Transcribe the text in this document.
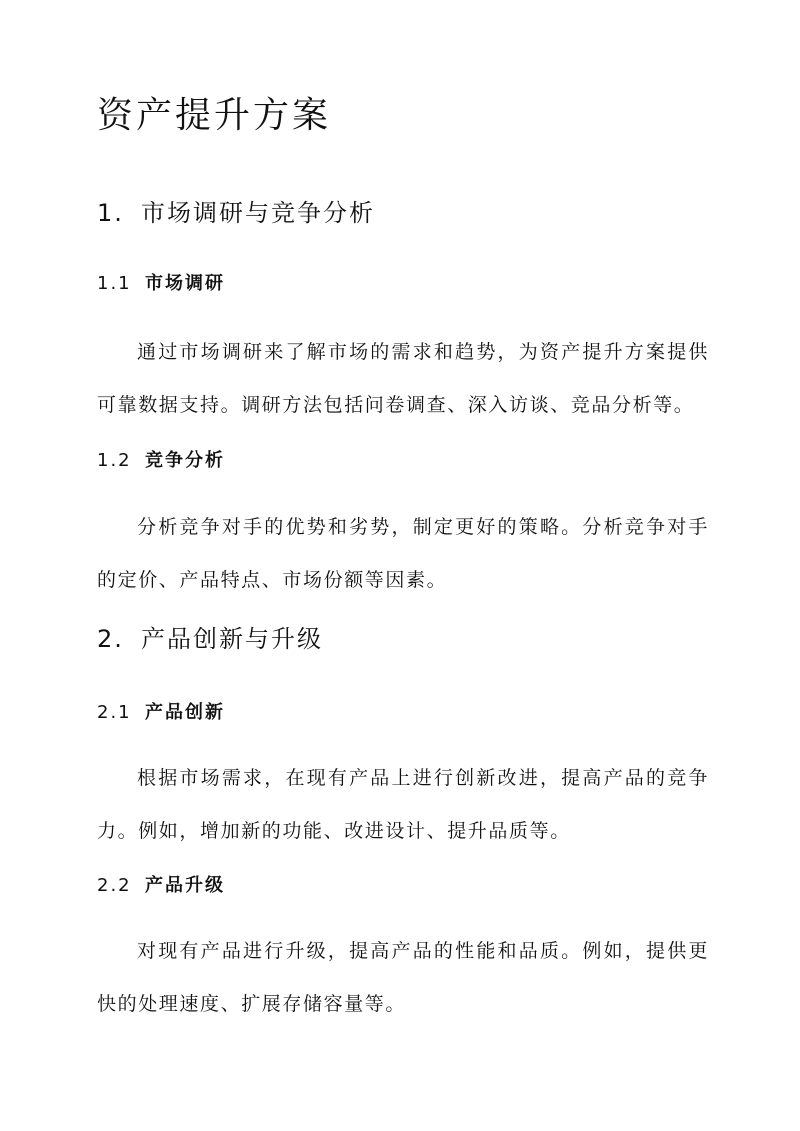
资产提升方案
1. 市场调研与竞争分析
1.1 市场调研

通过市场调研来了解市场的需求和趋势，为资产提升方案提供可靠数据支持。调研方法包括问卷调查、深入访谈、竞品分析等。

1.2 竞争分析

分析竞争对手的优势和劣势，制定更好的策略。分析竞争对手的定价、产品特点、市场份额等因素。

2. 产品创新与升级
2.1 产品创新

根据市场需求，在现有产品上进行创新改进，提高产品的竞争力。例如，增加新的功能、改进设计、提升品质等。

2.2 产品升级

对现有产品进行升级，提高产品的性能和品质。例如，提供更快的处理速度、扩展存储容量等。
